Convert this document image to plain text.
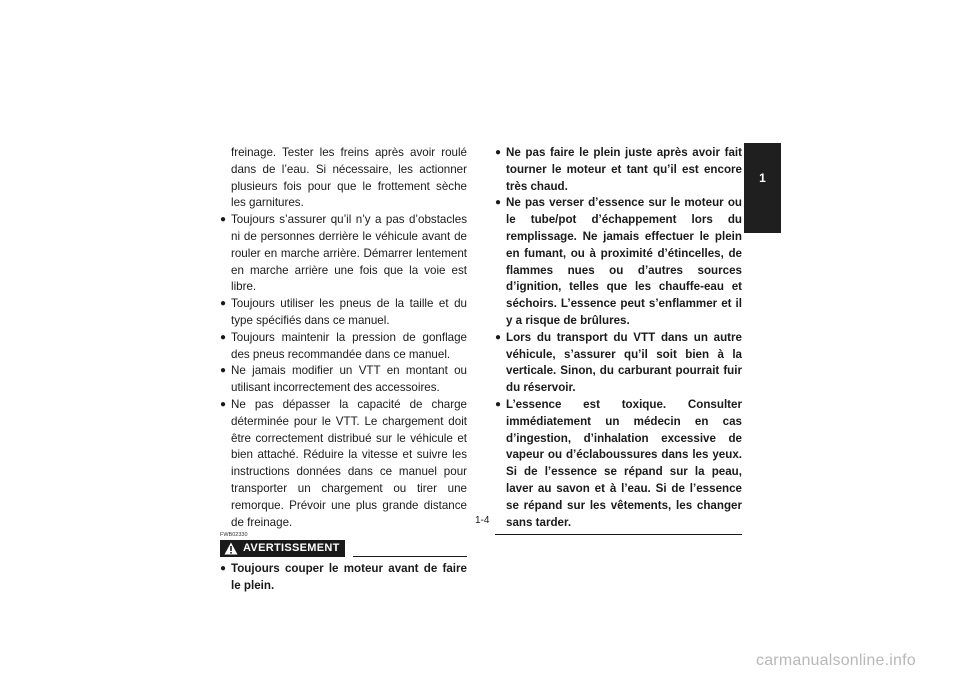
freinage. Tester les freins après avoir roulé dans de l’eau. Si nécessaire, les actionner plusieurs fois pour que le frottement sèche les garnitures.

● Toujours s’assurer qu’il n’y a pas d’obstacles ni de personnes derrière le véhicule avant de rouler en marche arrière. Démarrer lentement en marche arrière une fois que la voie est libre.
● Toujours utiliser les pneus de la taille et du type spécifiés dans ce manuel.
● Toujours maintenir la pression de gonflage des pneus recommandée dans ce manuel.
● Ne jamais modifier un VTT en montant ou utilisant incorrectement des accessoires.
● Ne pas dépasser la capacité de charge déterminée pour le VTT. Le chargement doit être correctement distribué sur le véhicule et bien attaché. Réduire la vitesse et suivre les instructions données dans ce manuel pour transporter un chargement ou tirer une remorque. Prévoir une plus grande distance de freinage.
FWB02330
AVERTISSEMENT
● Toujours couper le moteur avant de faire le plein.
● Ne pas faire le plein juste après avoir fait tourner le moteur et tant qu’il est encore très chaud.
● Ne pas verser d’essence sur le moteur ou le tube/pot d’échappement lors du remplissage. Ne jamais effectuer le plein en fumant, ou à proximité d’étincelles, de flammes nues ou d’autres sources d’ignition, telles que les chauffe-eau et séchoirs. L’essence peut s’enflammer et il y a risque de brûlures.
● Lors du transport du VTT dans un autre véhicule, s’assurer qu’il soit bien à la verticale. Sinon, du carburant pourrait fuir du réservoir.
● L’essence est toxique. Consulter immédiatement un médecin en cas d’ingestion, d’inhalation excessive de vapeur ou d’éclaboussures dans les yeux. Si de l’essence se répand sur la peau, laver au savon et à l’eau. Si de l’essence se répand sur les vêtements, les changer sans tarder.
1
1-4
carmanualsonline.info
